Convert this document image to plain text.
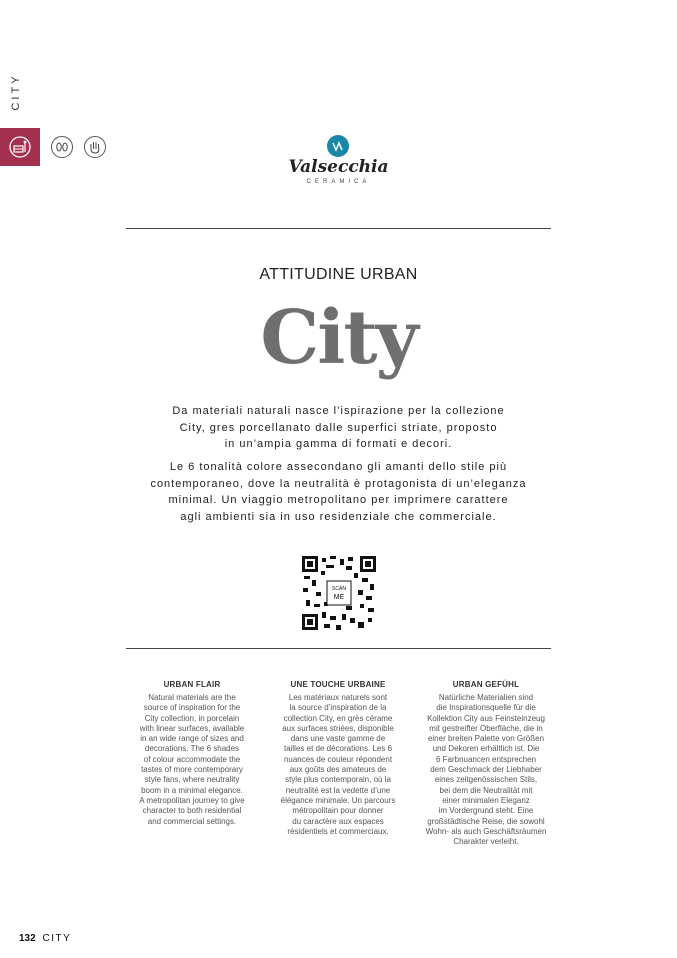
CITY
Valsecchia
CERAMICA
ATTITUDINE URBAN
City

Da materiali naturali nasce l’ispirazione per la collezione
City, gres porcellanato dalle superfici striate, proposto
in un’ampia gamma di formati e decori.

Le 6 tonalità colore assecondano gli amanti dello stile più
contemporaneo, dove la neutralità è protagonista di un’eleganza
minimal. Un viaggio metropolitano per imprimere carattere
agli ambienti sia in uso residenziale che commerciale.

SCAN
ME
URBAN FLAIR

Natural materials are the
source of inspiration for the
City collection, in porcelain
with linear surfaces, available
in an wide range of sizes and
decorations. The 6 shades
of colour accommodate the
tastes of more contemporary
style fans, where neutrality
boom in a minimal elegance.
A metropolitan journey to give
character to both residential
and commercial settings.

UNE TOUCHE URBAINE

Les matériaux naturels sont
la source d’inspiration de la
collection City, en grès cérame
aux surfaces striées, disponible
dans une vaste gamme de
tailles et de décorations. Les 6
nuances de couleur répondent
aux goûts des amateurs de
style plus contemporain, où la
neutralité est la vedette d’une
élégance minimale. Un parcours
métropolitain pour donner
du caractère aux espaces
résidentiels et commerciaux.

URBAN GEFÜHL

Natürliche Materialien sind
die Inspirationsquelle für die
Kollektion City aus Feinsteinzeug
mit gestreifter Oberfläche, die in
einer breiten Palette von Größen
und Dekoren erhältlich ist. Die
6 Farbnuancen entsprechen
dem Geschmack der Liebhaber
eines zeitgenössischen Stils,
bei dem die Neutralität mit
einer minimalen Eleganz
im Vordergrund steht. Eine
großstädtische Reise, die sowohl
Wohn- als auch Geschäftsräumen
Charakter verleiht.

132 CITY
